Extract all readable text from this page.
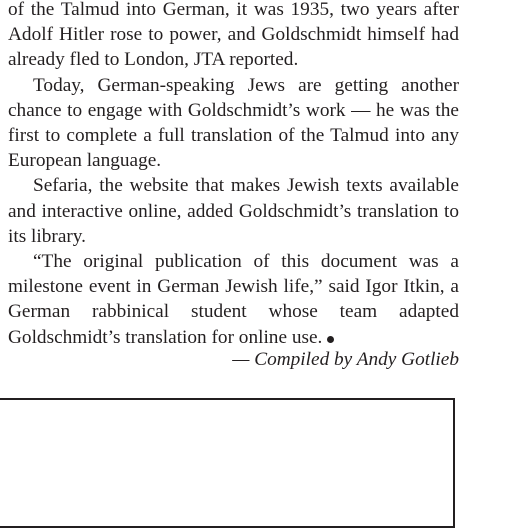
of the Talmud into German, it was 1935, two years after Adolf Hitler rose to power, and Goldschmidt himself had already fled to London, JTA reported.

Today, German-speaking Jews are getting another chance to engage with Goldschmidt’s work — he was the first to complete a full translation of the Talmud into any European language.

Sefaria, the website that makes Jewish texts available and interactive online, added Goldschmidt’s translation to its library.

“The original publication of this document was a milestone event in German Jewish life,” said Igor Itkin, a German rabbinical student whose team adapted Goldschmidt’s translation for online use.

— Compiled by Andy Gotlieb
